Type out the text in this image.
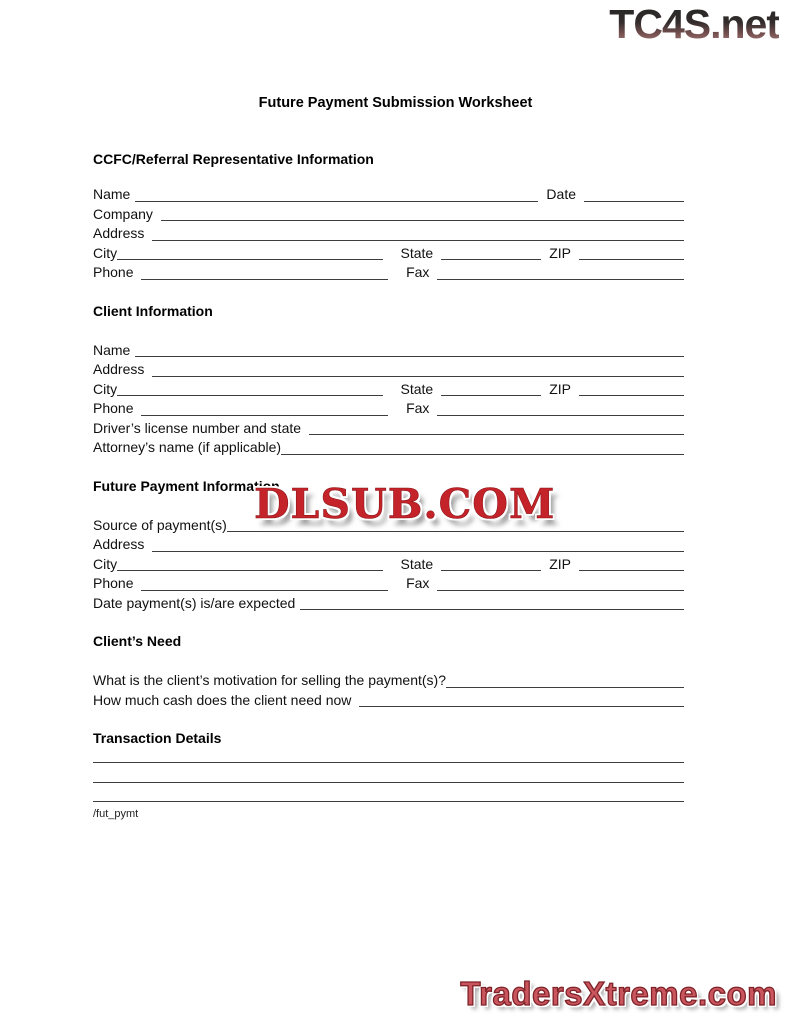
TC4S.net
Future Payment Submission Worksheet
DLSUB.COM
CCFC/Referral Representative Information
Name	Date
Company
Address
City	State	ZIP
Phone	Fax
Client Information
Name
Address
City	State	ZIP
Phone	Fax
Driver’s license number and state
Attorney’s name (if applicable)
Future Payment Information
Source of payment(s)
Address
City	State	ZIP
Phone	Fax
Date payment(s) is/are expected
Client’s Need
What is the client’s motivation for selling the payment(s)?
How much cash does the client need now
Transaction Details
/fut_pymt
TradersXtreme.com
